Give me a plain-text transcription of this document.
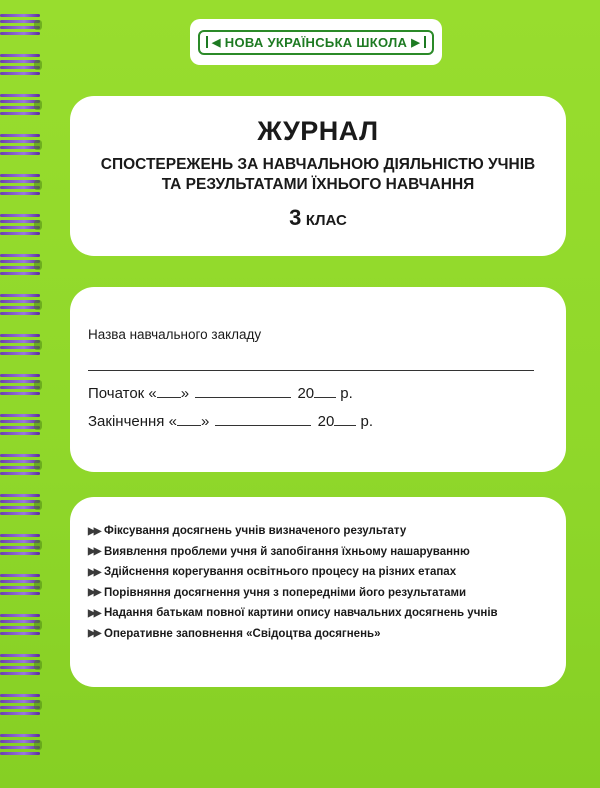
◀ НОВА УКРАЇНСЬКА ШКОЛА ▶
ЖУРНАЛ
СПОСТЕРЕЖЕНЬ ЗА НАВЧАЛЬНОЮ ДІЯЛЬНІСТЮ УЧНІВ
ТА РЕЗУЛЬТАТАМИ ЇХНЬОГО НАВЧАННЯ
3 КЛАС
Назва навчального закладу
Початок « »	20 р.
Закінчення « »	20 р.
▶▶ Фіксування досягнень учнів визначеного результату
▶▶ Виявлення проблеми учня й запобігання їхньому нашаруванню
▶▶ Здійснення корегування освітнього процесу на різних етапах
▶▶ Порівняння досягнення учня з попередніми його результатами
▶▶ Надання батькам повної картини опису навчальних досягнень учнів
▶▶ Оперативне заповнення «Свідоцтва досягнень»
